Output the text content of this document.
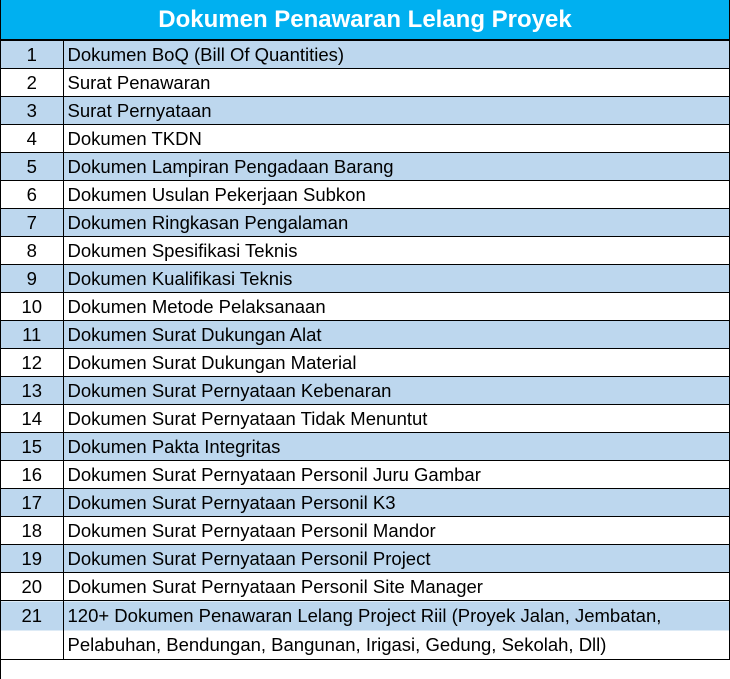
Dokumen Penawaran Lelang Proyek
1	Dokumen BoQ (Bill Of Quantities)
2	Surat Penawaran
3	Surat Pernyataan
4	Dokumen TKDN
5	Dokumen Lampiran Pengadaan Barang
6	Dokumen Usulan Pekerjaan Subkon
7	Dokumen Ringkasan Pengalaman
8	Dokumen Spesifikasi Teknis
9	Dokumen Kualifikasi Teknis
10	Dokumen Metode Pelaksanaan
11	Dokumen Surat Dukungan Alat
12	Dokumen Surat Dukungan Material
13	Dokumen Surat Pernyataan Kebenaran
14	Dokumen Surat Pernyataan Tidak Menuntut
15	Dokumen Pakta Integritas
16	Dokumen Surat Pernyataan Personil Juru Gambar
17	Dokumen Surat Pernyataan Personil K3
18	Dokumen Surat Pernyataan Personil Mandor
19	Dokumen Surat Pernyataan Personil Project
20	Dokumen Surat Pernyataan Personil Site Manager
21	120+ Dokumen Penawaran Lelang Project Riil (Proyek Jalan, Jembatan,
Pelabuhan, Bendungan, Bangunan, Irigasi, Gedung, Sekolah, Dll)
